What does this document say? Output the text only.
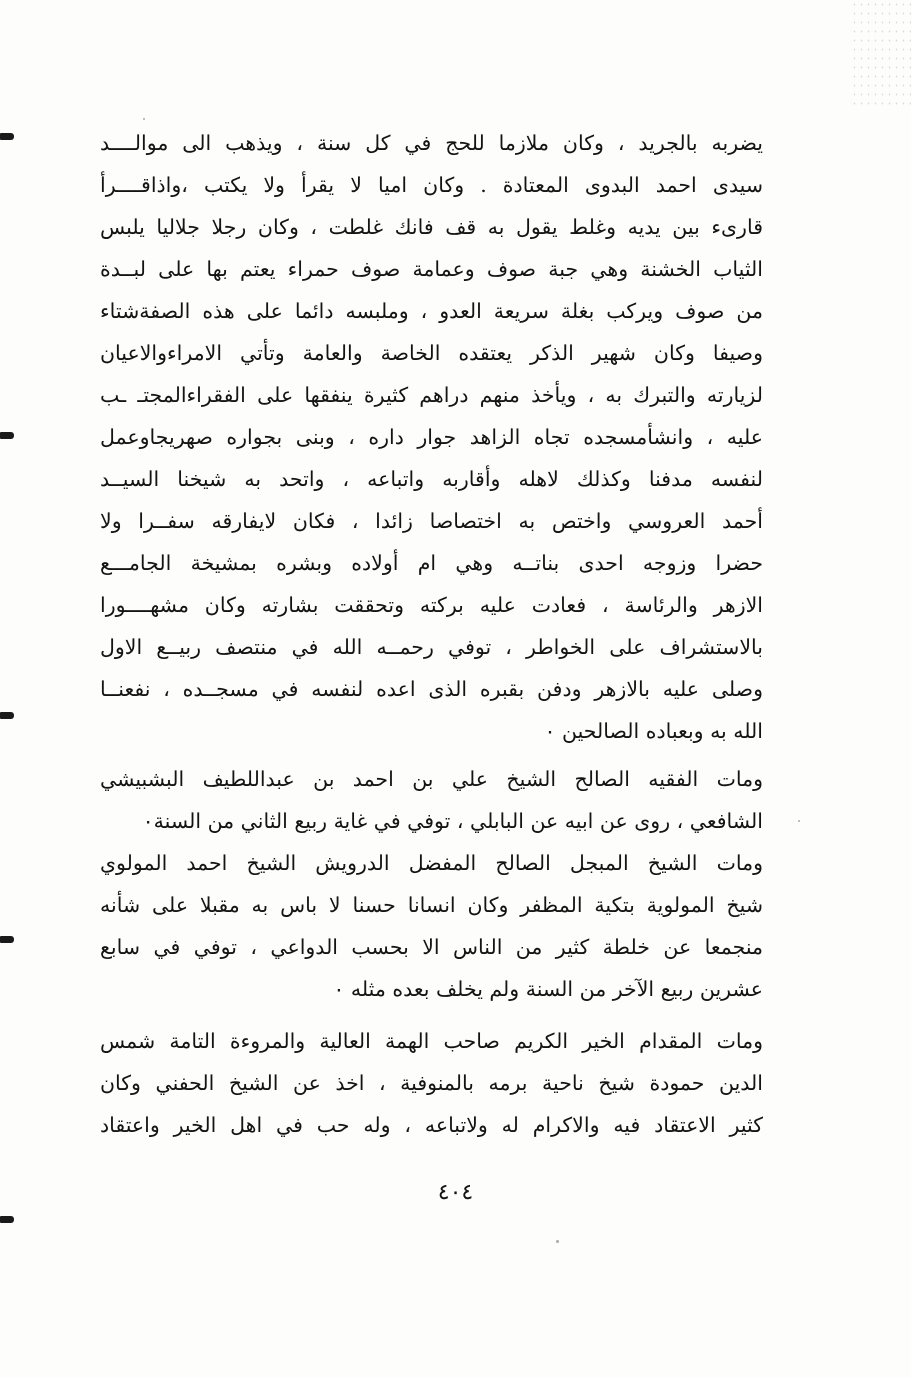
يضربه بالجريد ، وكان ملازما للحج في كل سنة ، ويذهب الى موالــــد
سيدى احمد البدوى المعتادة . وكان اميا لا يقرأ ولا يكتب ،واذاقــــرأ
قارىء بين يديه وغلط يقول به قف فانك غلطت ، وكان رجلا جلاليا يلبس
الثياب الخشنة وهي جبة صوف وعمامة صوف حمراء يعتم بها على لبــدة
من صوف ويركب بغلة سريعة العدو ، وملبسه دائما على هذه الصفةشتاء
وصيفا وكان شهير الذكر يعتقده الخاصة والعامة وتأتي الامراءوالاعيان
لزيارته والتبرك به ، ويأخذ منهم دراهم كثيرة ينفقها على الفقراءالمجتـ ـب
عليه ، وانشأمسجده تجاه الزاهد جوار داره ، وبنى بجواره صهريجاوعمل
لنفسه مدفنا وكذلك لاهله وأقاربه واتباعه ، واتحد به شيخنا السيــد
أحمد العروسي واختص به اختصاصا زائدا ، فكان لايفارقه سفــرا ولا
حضرا وزوجه احدى بناتــه وهي ام أولاده وبشره بمشيخة الجامـــع
الازهر والرئاسة ، فعادت عليه بركته وتحققت بشارته وكان مشهــــورا
بالاستشراف على الخواطر ، توفي رحمــه الله في منتصف ربيــع الاول
وصلى عليه بالازهر ودفن بقبره الذى اعده لنفسه في مسجــده ، نفعنــا
الله به وبعباده الصالحين ٠
ومات الفقيه الصالح الشيخ علي بن احمد بن عبداللطيف البشبيشي
الشافعي ، روى عن ابيه عن البابلي ، توفي في غاية ربيع الثاني من السنة٠
ومات الشيخ المبجل الصالح المفضل الدرويش الشيخ احمد المولوي
شيخ المولوية بتكية المظفر وكان انسانا حسنا لا باس به مقبلا على شأنه
منجمعا عن خلطة كثير من الناس الا بحسب الدواعي ، توفي في سابع
عشرين ربيع الآخر من السنة ولم يخلف بعده مثله ٠
ومات المقدام الخير الكريم صاحب الهمة العالية والمروءة التامة شمس
الدين حمودة شيخ ناحية برمه بالمنوفية ، اخذ عن الشيخ الحفني وكان
كثير الاعتقاد فيه والاكرام له ولاتباعه ، وله حب في اهل الخير واعتقاد
٤٠٤
